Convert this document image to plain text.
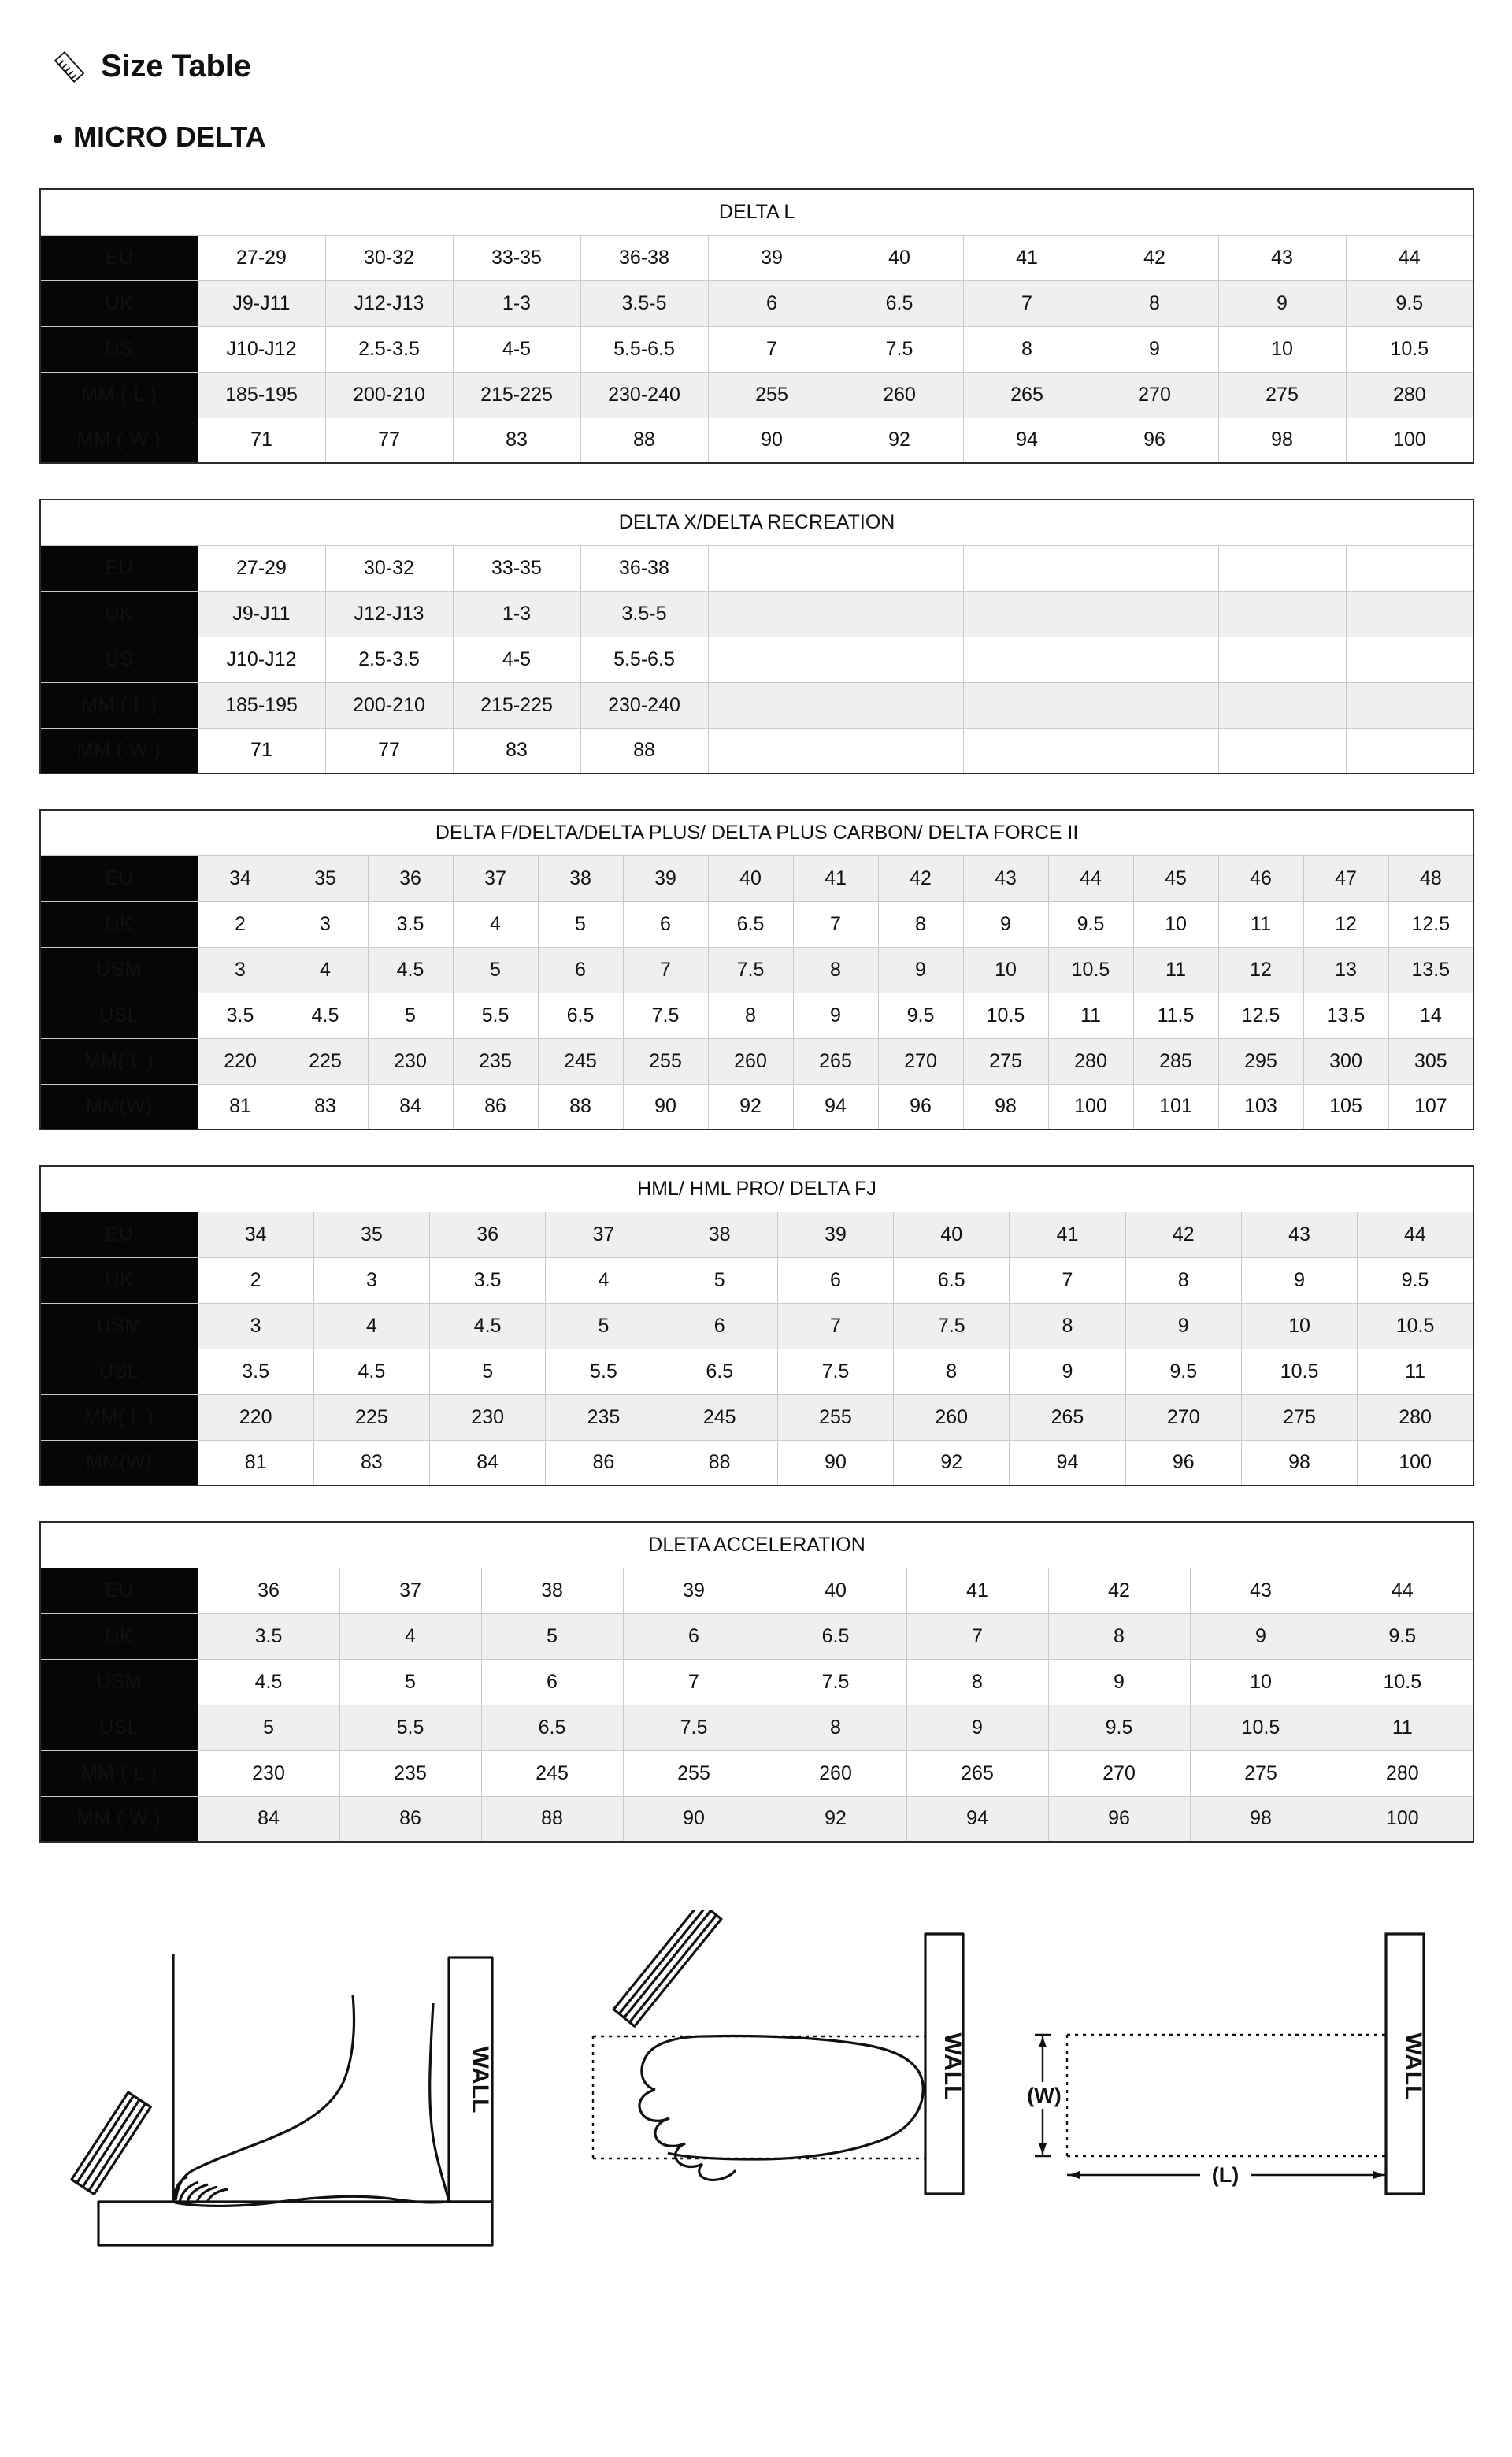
Size Table
MICRO DELTA
DELTA L										
EU	27-29	30-32	33-35	36-38	39	40	41	42	43	44
UK	J9-J11	J12-J13	1-3	3.5-5	6	6.5	7	8	9	9.5
US	J10-J12	2.5-3.5	4-5	5.5-6.5	7	7.5	8	9	10	10.5
MM ( L )	185-195	200-210	215-225	230-240	255	260	265	270	275	280
MM ( W )	71	77	83	88	90	92	94	96	98	100
DELTA X/DELTA RECREATION										
EU	27-29	30-32	33-35	36-38						
UK	J9-J11	J12-J13	1-3	3.5-5						
US	J10-J12	2.5-3.5	4-5	5.5-6.5						
MM ( L )	185-195	200-210	215-225	230-240						
MM ( W )	71	77	83	88						
DELTA F/DELTA/DELTA PLUS/ DELTA PLUS CARBON/ DELTA FORCE II															
EU	34	35	36	37	38	39	40	41	42	43	44	45	46	47	48
UK	2	3	3.5	4	5	6	6.5	7	8	9	9.5	10	11	12	12.5
USM	3	4	4.5	5	6	7	7.5	8	9	10	10.5	11	12	13	13.5
USL	3.5	4.5	5	5.5	6.5	7.5	8	9	9.5	10.5	11	11.5	12.5	13.5	14
MM( L )	220	225	230	235	245	255	260	265	270	275	280	285	295	300	305
MM(W)	81	83	84	86	88	90	92	94	96	98	100	101	103	105	107
HML/ HML PRO/ DELTA FJ											
EU	34	35	36	37	38	39	40	41	42	43	44
UK	2	3	3.5	4	5	6	6.5	7	8	9	9.5
USM	3	4	4.5	5	6	7	7.5	8	9	10	10.5
USL	3.5	4.5	5	5.5	6.5	7.5	8	9	9.5	10.5	11
MM( L )	220	225	230	235	245	255	260	265	270	275	280
MM(W)	81	83	84	86	88	90	92	94	96	98	100
DLETA ACCELERATION									
EU	36	37	38	39	40	41	42	43	44
UK	3.5	4	5	6	6.5	7	8	9	9.5
USM	4.5	5	6	7	7.5	8	9	10	10.5
USL	5	5.5	6.5	7.5	8	9	9.5	10.5	11
MM ( L )	230	235	245	255	260	265	270	275	280
MM ( W )	84	86	88	90	92	94	96	98	100
WALL	WALL	(W)
(L)
WALL
